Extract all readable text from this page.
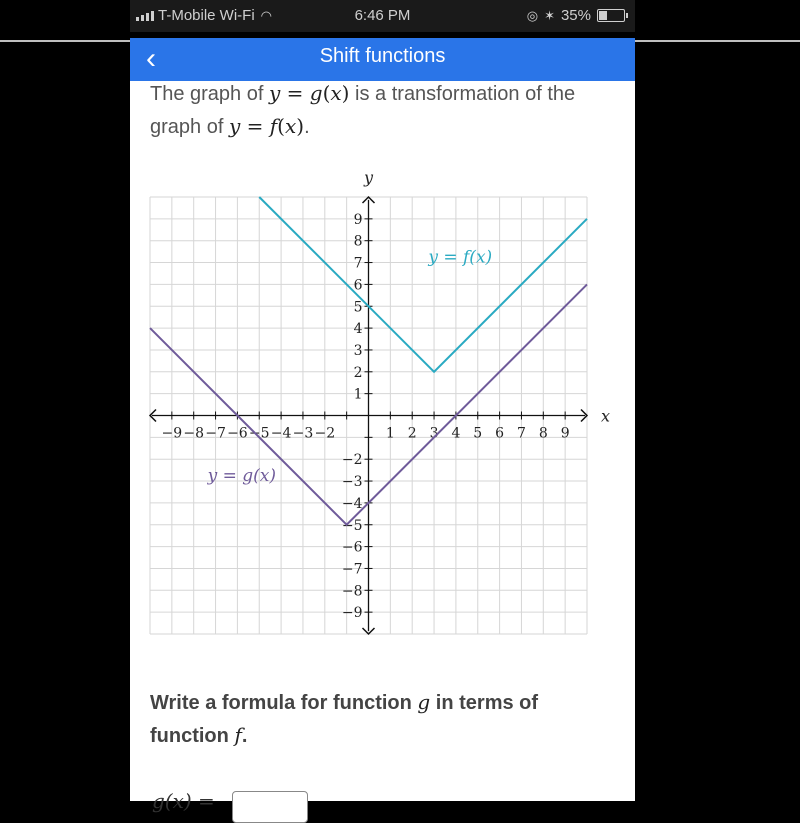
T-Mobile Wi-Fi ◠	6:46 PM	◎ ✶ 35%
‹	Shift functions
The graph of y = g(x) is a transformation of the graph of y = f(x).
−9 −8 −7 −6 −5 −4 −3 −2	1 2 3 4 5 6 7 8 9
9
8
7
6
5
4
3
2
1
−2
−3
−4
−5
−6
−7
−8
−9
x
y
y = f(x)
y = g(x)
Write a formula for function g in terms of function f.
g(x) =
